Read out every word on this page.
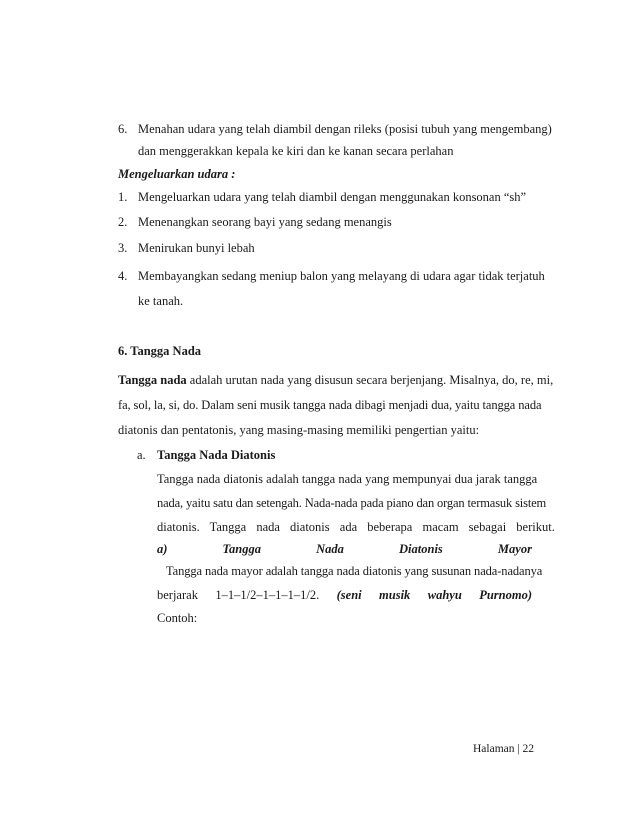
6. Menahan udara yang telah diambil dengan rileks (posisi tubuh yang mengembang)
dan menggerakkan kepala ke kiri dan ke kanan secara perlahan
Mengeluarkan udara :
1. Mengeluarkan udara yang telah diambil dengan menggunakan konsonan “sh”
2. Menenangkan seorang bayi yang sedang menangis
3. Menirukan bunyi lebah
4. Membayangkan sedang meniup balon yang melayang di udara agar tidak terjatuh
ke tanah.
6. Tangga Nada
Tangga nada adalah urutan nada yang disusun secara berjenjang. Misalnya, do, re, mi,
fa, sol, la, si, do. Dalam seni musik tangga nada dibagi menjadi dua, yaitu tangga nada
diatonis dan pentatonis, yang masing-masing memiliki pengertian yaitu:
a. Tangga Nada Diatonis
Tangga nada diatonis adalah tangga nada yang mempunyai dua jarak tangga
nada, yaitu satu dan setengah. Nada-nada pada piano dan organ termasuk sistem
diatonis. Tangga nada diatonis ada beberapa macam sebagai berikut.
a)	Tangga	Nada	Diatonis	Mayor
Tangga nada mayor adalah tangga nada diatonis yang susunan nada-nadanya
berjarak 1–1–1/2–1–1–1–1/2. (seni musik wahyu Purnomo)
Contoh:
Halaman | 22
